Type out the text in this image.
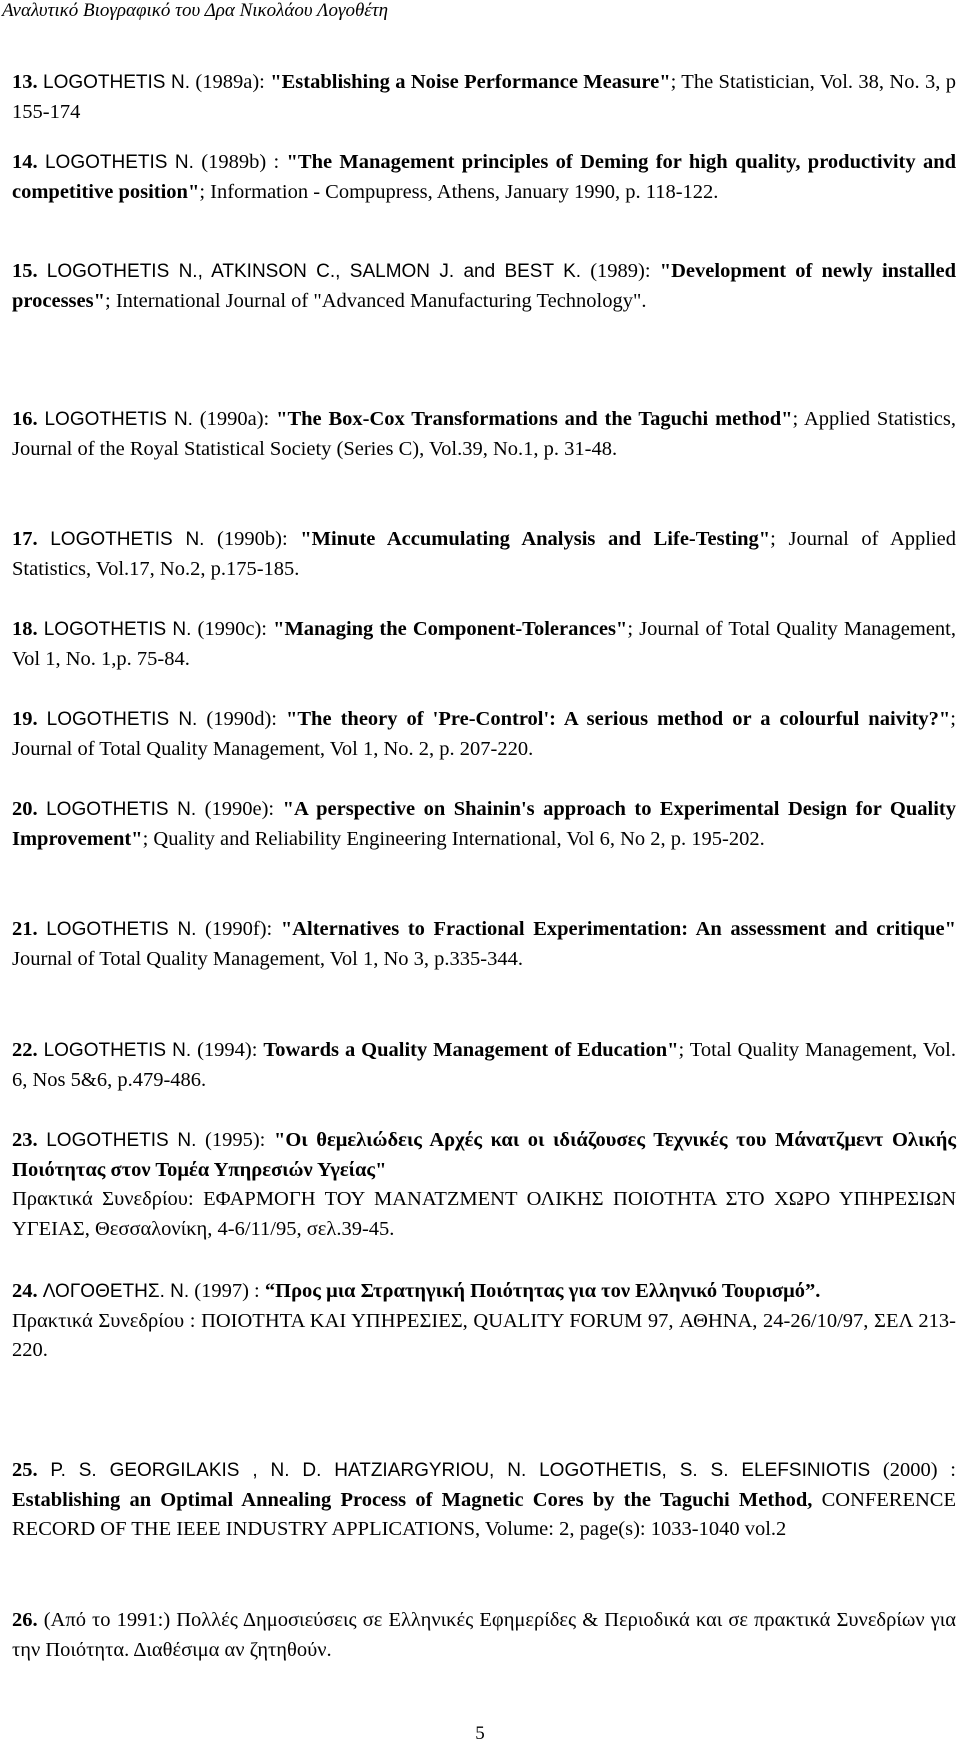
Αναλυτικό Βιογραφικό του Δρα Νικολάου Λογοθέτη
13. LOGOTHETIS N. (1989a): "Establishing a Noise Performance Measure"; The Statistician, Vol. 38, No. 3, p 155-174
14. LOGOTHETIS N. (1989b) : "The Management principles of Deming for high quality, productivity and competitive position"; Information - Compupress, Athens, January 1990, p. 118-122.
15. LOGOTHETIS N., ATKINSON C., SALMON J. and BEST K. (1989): "Development of newly installed processes"; International Journal of "Advanced Manufacturing Technology".
16. LOGOTHETIS N. (1990a): "The Box-Cox Transformations and the Taguchi method"; Applied Statistics, Journal of the Royal Statistical Society (Series C), Vol.39, No.1, p. 31-48.
17. LOGOTHETIS N. (1990b): "Minute Accumulating Analysis and Life-Testing"; Journal of Applied Statistics, Vol.17, No.2, p.175-185.
18. LOGOTHETIS N. (1990c): "Managing the Component-Tolerances"; Journal of Total Quality Management, Vol 1, No. 1,p. 75-84.
19. LOGOTHETIS N. (1990d): "The theory of 'Pre-Control': A serious method or a colourful naivity?"; Journal of Total Quality Management, Vol 1, No. 2, p. 207-220.
20. LOGOTHETIS N. (1990e): "A perspective on Shainin's approach to Experimental Design for Quality Improvement"; Quality and Reliability Engineering International, Vol 6, No 2, p. 195-202.
21. LOGOTHETIS N. (1990f): "Alternatives to Fractional Experimentation: An assessment and critique" Journal of Total Quality Management, Vol 1, No 3, p.335-344.
22. LOGOTHETIS N. (1994): Towards a Quality Management of Education"; Total Quality Management, Vol. 6, Nos 5&6, p.479-486.
23. LOGOTHETIS N. (1995): "Οι θεμελιώδεις Αρχές και οι ιδιάζουσες Τεχνικές του Μάνατζμεντ Ολικής Ποιότητας στον Τομέα Υπηρεσιών Υγείας"
Πρακτικά Συνεδρίου: ΕΦΑΡΜΟΓΗ ΤΟΥ ΜΑΝΑΤΖΜΕΝΤ ΟΛΙΚΗΣ ΠΟΙΟΤΗΤΑ ΣΤΟ ΧΩΡΟ ΥΠΗΡΕΣΙΩΝ ΥΓΕΙΑΣ, Θεσσαλονίκη, 4-6/11/95, σελ.39-45.
24. ΛΟΓΟΘΕΤΗΣ. Ν. (1997) : “Προς μια Στρατηγική Ποιότητας για τον Ελληνικό Τουρισμό”.
Πρακτικά Συνεδρίου : ΠΟΙΟΤΗΤΑ ΚΑΙ ΥΠΗΡΕΣΙΕΣ, QUALITY FORUM 97, ΑΘΗΝΑ, 24-26/10/97, ΣΕΛ 213-220.
25. P. S. GEORGILAKIS , N. D. HATZIARGYRIOU, N. LOGOTHETIS, S. S. ELEFSINIOTIS (2000) : Establishing an Optimal Annealing Process of Magnetic Cores by the Taguchi Method, CONFERENCE RECORD OF THE IEEE INDUSTRY APPLICATIONS, Volume: 2, page(s): 1033-1040 vol.2
26. (Από το 1991:) Πολλές Δημοσιεύσεις σε Ελληνικές Εφημερίδες & Περιοδικά και σε πρακτικά Συνεδρίων για την Ποιότητα. Διαθέσιμα αν ζητηθούν.
5
